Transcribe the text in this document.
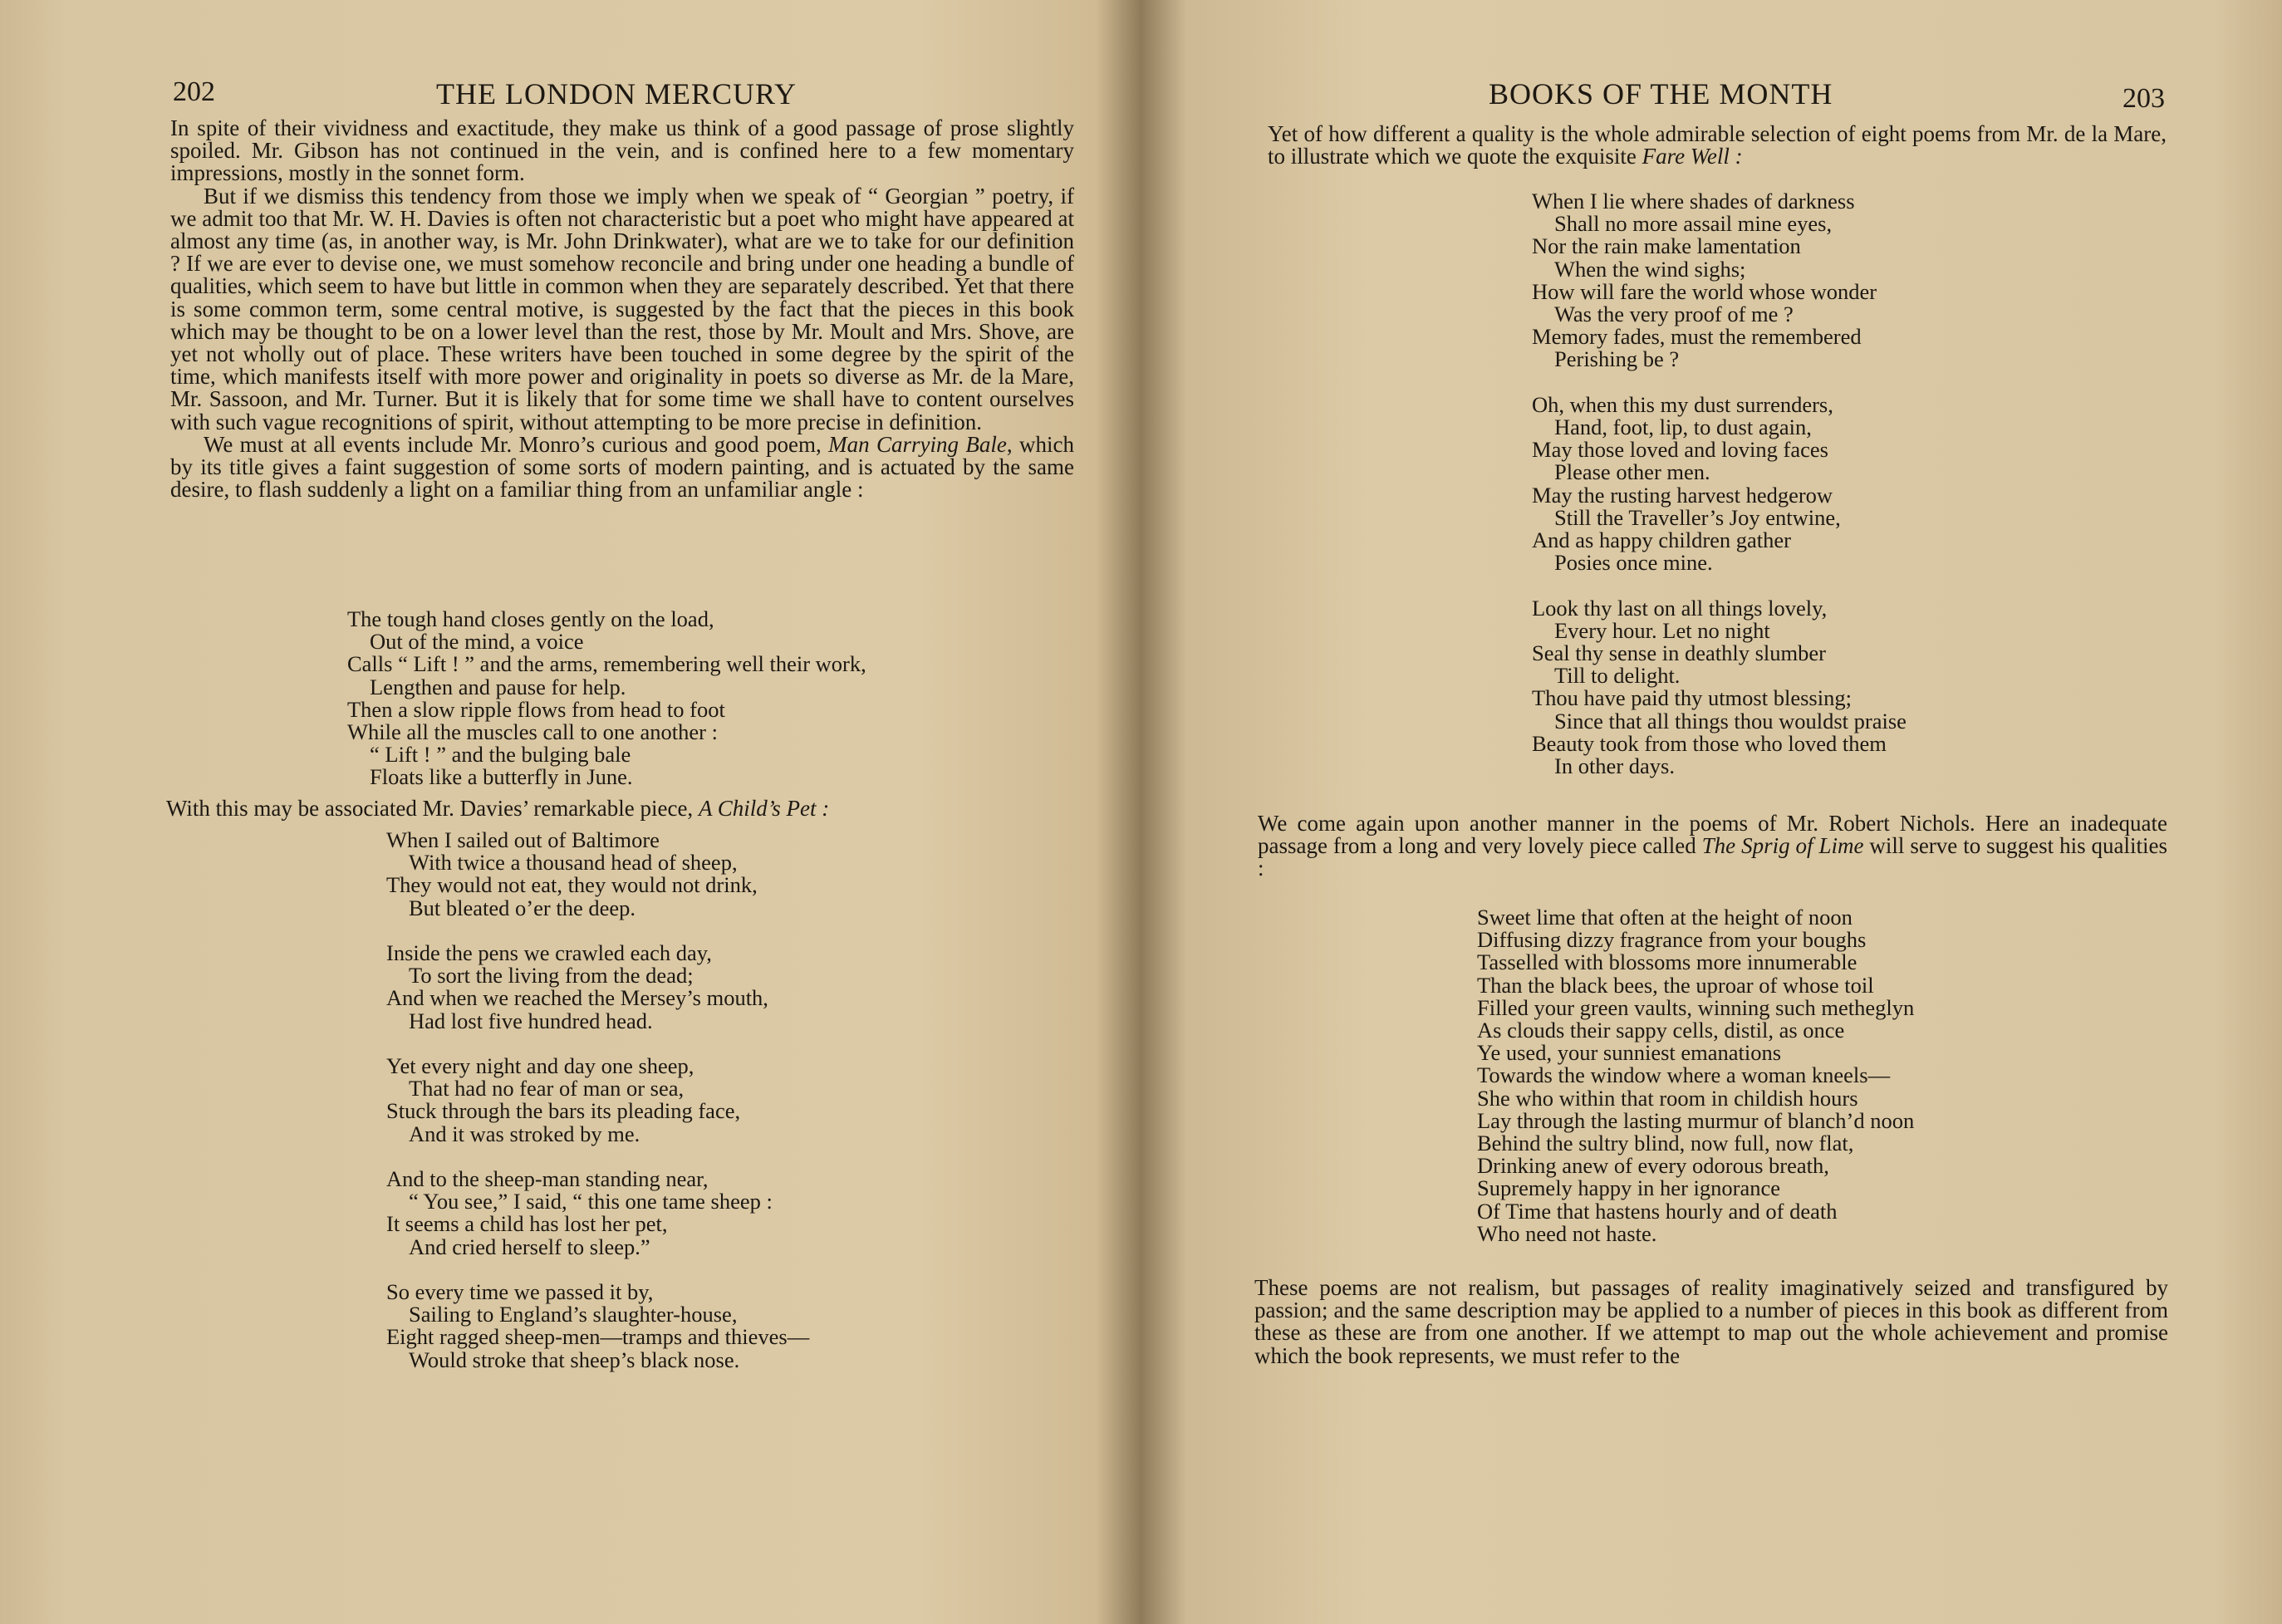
202	THE LONDON MERCURY

In spite of their vividness and exactitude, they make us think of a good passage of prose slightly spoiled. Mr. Gibson has not continued in the vein, and is confined here to a few momentary impressions, mostly in the sonnet form.

But if we dismiss this tendency from those we imply when we speak of “ Georgian ” poetry, if we admit too that Mr. W. H. Davies is often not characteristic but a poet who might have appeared at almost any time (as, in another way, is Mr. John Drinkwater), what are we to take for our definition ? If we are ever to devise one, we must somehow reconcile and bring under one heading a bundle of qualities, which seem to have but little in common when they are separately described. Yet that there is some common term, some central motive, is suggested by the fact that the pieces in this book which may be thought to be on a lower level than the rest, those by Mr. Moult and Mrs. Shove, are yet not wholly out of place. These writers have been touched in some degree by the spirit of the time, which manifests itself with more power and originality in poets so diverse as Mr. de la Mare, Mr. Sassoon, and Mr. Turner. But it is likely that for some time we shall have to content ourselves with such vague recognitions of spirit, without attempting to be more precise in definition.

We must at all events include Mr. Monro’s curious and good poem, Man Carrying Bale, which by its title gives a faint suggestion of some sorts of modern painting, and is actuated by the same desire, to flash suddenly a light on a familiar thing from an unfamiliar angle :

The tough hand closes gently on the load,
Out of the mind, a voice
Calls “ Lift ! ” and the arms, remembering well their work,
Lengthen and pause for help.
Then a slow ripple flows from head to foot
While all the muscles call to one another :
“ Lift ! ” and the bulging bale
Floats like a butterfly in June.
With this may be associated Mr. Davies’ remarkable piece, A Child’s Pet :
When I sailed out of Baltimore
With twice a thousand head of sheep,
They would not eat, they would not drink,
But bleated o’er the deep.
Inside the pens we crawled each day,
To sort the living from the dead;
And when we reached the Mersey’s mouth,
Had lost five hundred head.
Yet every night and day one sheep,
That had no fear of man or sea,
Stuck through the bars its pleading face,
And it was stroked by me.
And to the sheep-man standing near,
“ You see,” I said, “ this one tame sheep :
It seems a child has lost her pet,
And cried herself to sleep.”
So every time we passed it by,
Sailing to England’s slaughter-house,
Eight ragged sheep-men—tramps and thieves—
Would stroke that sheep’s black nose.
BOOKS OF THE MONTH	203

Yet of how different a quality is the whole admirable selection of eight poems from Mr. de la Mare, to illustrate which we quote the exquisite Fare Well :

When I lie where shades of darkness
Shall no more assail mine eyes,
Nor the rain make lamentation
When the wind sighs;
How will fare the world whose wonder
Was the very proof of me ?
Memory fades, must the remembered
Perishing be ?
Oh, when this my dust surrenders,
Hand, foot, lip, to dust again,
May those loved and loving faces
Please other men.
May the rusting harvest hedgerow
Still the Traveller’s Joy entwine,
And as happy children gather
Posies once mine.
Look thy last on all things lovely,
Every hour. Let no night
Seal thy sense in deathly slumber
Till to delight.
Thou have paid thy utmost blessing;
Since that all things thou wouldst praise
Beauty took from those who loved them
In other days.

We come again upon another manner in the poems of Mr. Robert Nichols. Here an inadequate passage from a long and very lovely piece called The Sprig of Lime will serve to suggest his qualities :

Sweet lime that often at the height of noon
Diffusing dizzy fragrance from your boughs
Tasselled with blossoms more innumerable
Than the black bees, the uproar of whose toil
Filled your green vaults, winning such metheglyn
As clouds their sappy cells, distil, as once
Ye used, your sunniest emanations
Towards the window where a woman kneels—
She who within that room in childish hours
Lay through the lasting murmur of blanch’d noon
Behind the sultry blind, now full, now flat,
Drinking anew of every odorous breath,
Supremely happy in her ignorance
Of Time that hastens hourly and of death
Who need not haste.

These poems are not realism, but passages of reality imaginatively seized and transfigured by passion; and the same description may be applied to a number of pieces in this book as different from these as these are from one another. If we attempt to map out the whole achievement and promise which the book represents, we must refer to the
